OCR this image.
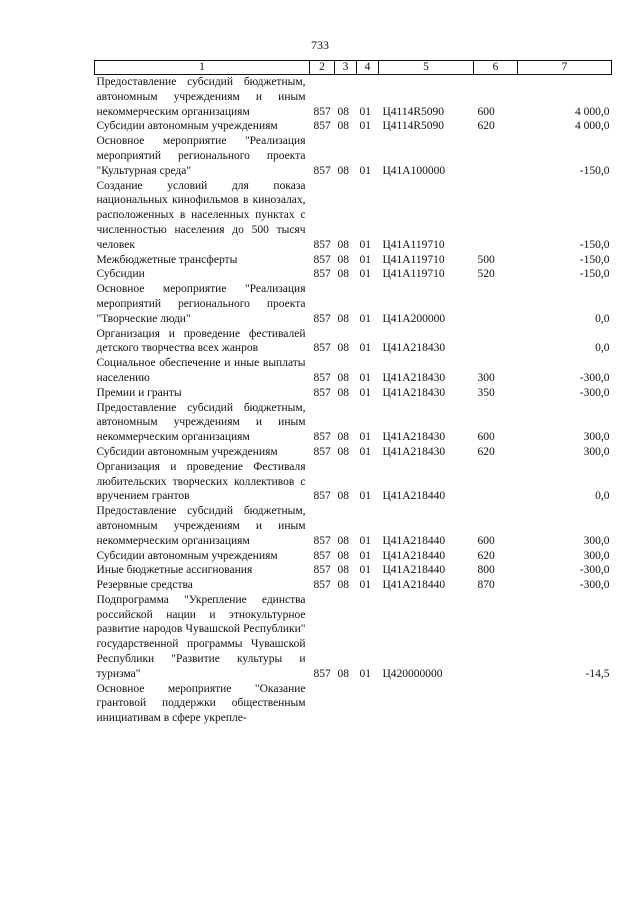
733
1	2	3	4	5	6	7
Предоставление субсидий бюджетным, автономным учреждениям и иным некоммерческим организациям	857	08	01	Ц4114R5090	600	4 000,0
Субсидии автономным учреждениям	857	08	01	Ц4114R5090	620	4 000,0
Основное мероприятие "Реализация мероприятий регионального проекта "Культурная среда"	857	08	01	Ц41A100000		-150,0
Создание условий для показа национальных кинофильмов в кинозалах, расположенных в населенных пунктах с численностью населения до 500 тысяч человек	857	08	01	Ц41A119710		-150,0
Межбюджетные трансферты	857	08	01	Ц41A119710	500	-150,0
Субсидии	857	08	01	Ц41A119710	520	-150,0
Основное мероприятие "Реализация мероприятий регионального проекта "Творческие люди"	857	08	01	Ц41A200000		0,0
Организация и проведение фестивалей детского творчества всех жанров	857	08	01	Ц41A218430		0,0
Социальное обеспечение и иные выплаты населению	857	08	01	Ц41A218430	300	-300,0
Премии и гранты	857	08	01	Ц41A218430	350	-300,0
Предоставление субсидий бюджетным, автономным учреждениям и иным некоммерческим организациям	857	08	01	Ц41A218430	600	300,0
Субсидии автономным учреждениям	857	08	01	Ц41A218430	620	300,0
Организация и проведение Фестиваля любительских творческих коллективов с вручением грантов	857	08	01	Ц41A218440		0,0
Предоставление субсидий бюджетным, автономным учреждениям и иным некоммерческим организациям	857	08	01	Ц41A218440	600	300,0
Субсидии автономным учреждениям	857	08	01	Ц41A218440	620	300,0
Иные бюджетные ассигнования	857	08	01	Ц41A218440	800	-300,0
Резервные средства	857	08	01	Ц41A218440	870	-300,0
Подпрограмма "Укрепление единства российской нации и этнокультурное развитие народов Чувашской Республики" государственной программы Чувашской Республики "Развитие культуры и туризма"	857	08	01	Ц420000000		-14,5
Основное мероприятие "Оказание грантовой поддержки общественным инициативам в сфере укрепле-						
